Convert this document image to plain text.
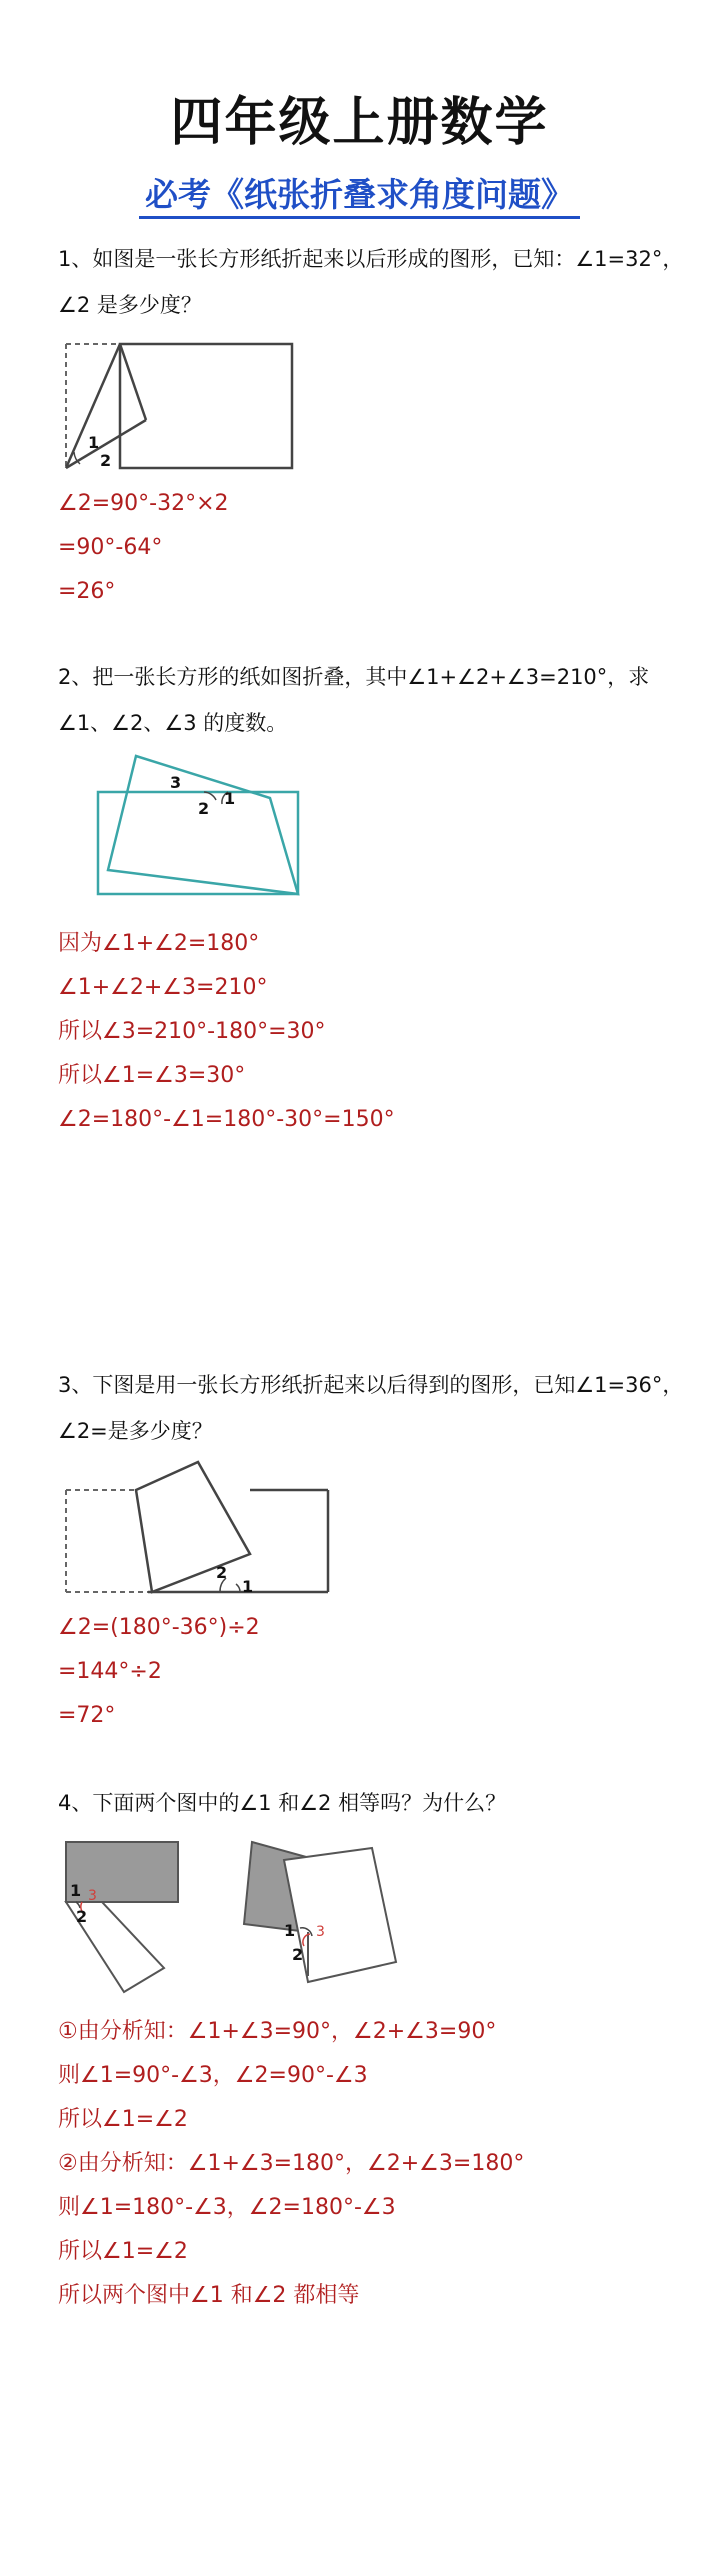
四年级上册数学
必考《纸张折叠求角度问题》
1、如图是一张长方形纸折起来以后形成的图形，已知：∠1=32°，∠2 是多少度？
1
2
∠2=90°-32°×2
=90°-64°
=26°
2、把一张长方形的纸如图折叠，其中∠1+∠2+∠3=210°，求∠1、∠2、∠3 的度数。
3
2
1
因为∠1+∠2=180°
∠1+∠2+∠3=210°
所以∠3=210°-180°=30°
所以∠1=∠3=30°
∠2=180°-∠1=180°-30°=150°
3、下图是用一张长方形纸折起来以后得到的图形，已知∠1=36°，∠2=是多少度？
2
1
∠2=(180°-36°)÷2
=144°÷2
=72°
4、下面两个图中的∠1 和∠2 相等吗？为什么？
1 3
2
1 3
2
①由分析知：∠1+∠3=90°，∠2+∠3=90°
则∠1=90°-∠3，∠2=90°-∠3
所以∠1=∠2
②由分析知：∠1+∠3=180°，∠2+∠3=180°
则∠1=180°-∠3，∠2=180°-∠3
所以∠1=∠2
所以两个图中∠1 和∠2 都相等
